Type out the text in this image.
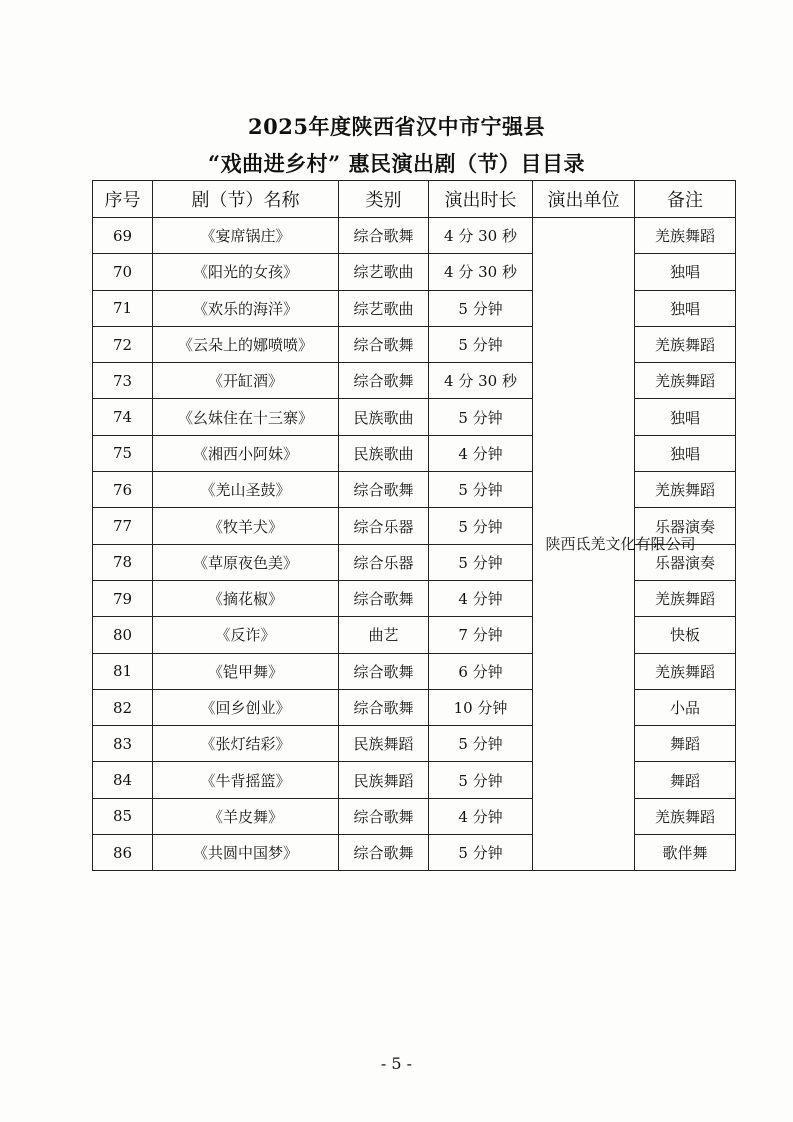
2025年度陕西省汉中市宁强县
“戏曲进乡村” 惠民演出剧（节）目目录
序号	剧（节）名称	类别	演出时长	演出单位	备注
69	《宴席锅庄》	综合歌舞	4 分 30 秒	陕西氐羌文化有限公司	羌族舞蹈
70	《阳光的女孩》	综艺歌曲	4 分 30 秒		独唱
71	《欢乐的海洋》	综艺歌曲	5 分钟		独唱
72	《云朵上的娜喷喷》	综合歌舞	5 分钟		羌族舞蹈
73	《开缸酒》	综合歌舞	4 分 30 秒		羌族舞蹈
74	《幺妹住在十三寨》	民族歌曲	5 分钟		独唱
75	《湘西小阿妹》	民族歌曲	4 分钟		独唱
76	《羌山圣鼓》	综合歌舞	5 分钟		羌族舞蹈
77	《牧羊犬》	综合乐器	5 分钟		乐器演奏
78	《草原夜色美》	综合乐器	5 分钟		乐器演奏
79	《摘花椒》	综合歌舞	4 分钟		羌族舞蹈
80	《反诈》	曲艺	7 分钟		快板
81	《铠甲舞》	综合歌舞	6 分钟		羌族舞蹈
82	《回乡创业》	综合歌舞	10 分钟		小品
83	《张灯结彩》	民族舞蹈	5 分钟		舞蹈
84	《牛背摇篮》	民族舞蹈	5 分钟		舞蹈
85	《羊皮舞》	综合歌舞	4 分钟		羌族舞蹈
86	《共圆中国梦》	综合歌舞	5 分钟		歌伴舞
- 5 -
